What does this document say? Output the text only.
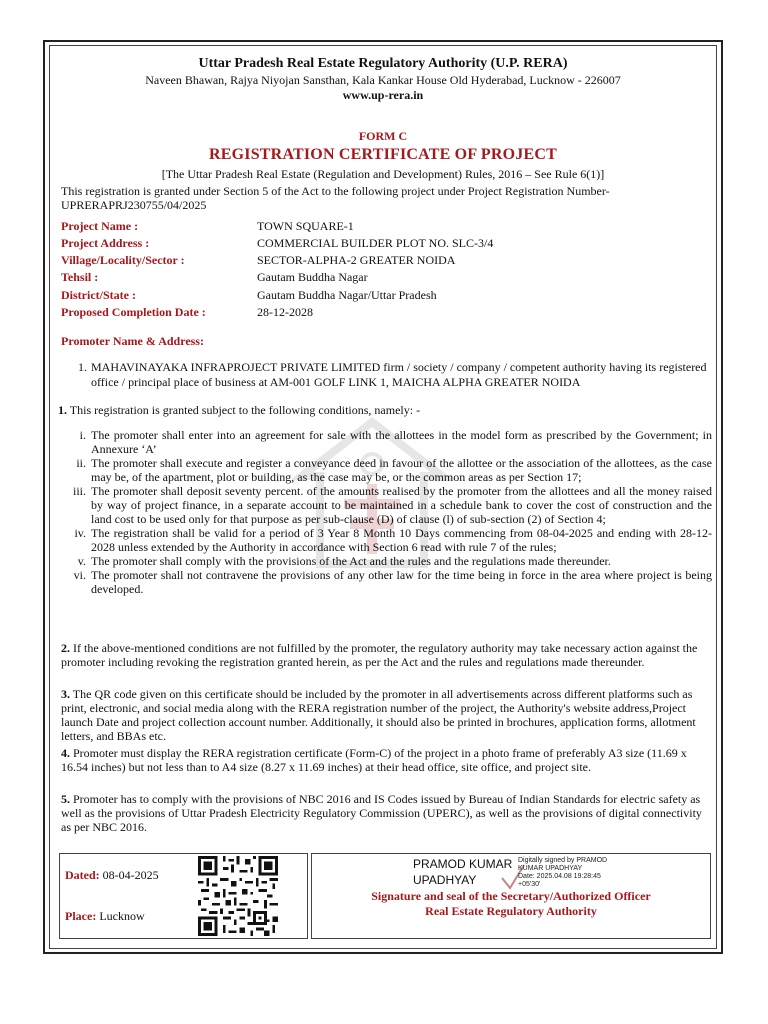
Uttar Pradesh Real Estate Regulatory Authority (U.P. RERA)
Naveen Bhawan, Rajya Niyojan Sansthan, Kala Kankar House Old Hyderabad, Lucknow - 226007
www.up-rera.in
FORM C
REGISTRATION CERTIFICATE OF PROJECT
[The Uttar Pradesh Real Estate (Regulation and Development) Rules, 2016 – See Rule 6(1)]
This registration is granted under Section 5 of the Act to the following project under Project Registration Number-UPRERAPRJ230755/04/2025
Project Name :	TOWN SQUARE-1
Project Address :	COMMERCIAL BUILDER PLOT NO. SLC-3/4
Village/Locality/Sector :	SECTOR-ALPHA-2 GREATER NOIDA
Tehsil :	Gautam Buddha Nagar
District/State :	Gautam Buddha Nagar/Uttar Pradesh
Proposed Completion Date :	28-12-2028
Promoter Name & Address:
1. MAHAVINAYAKA INFRAPROJECT PRIVATE LIMITED firm / society / company / competent authority having its registered office / principal place of business at AM-001 GOLF LINK 1, MAICHA ALPHA GREATER NOIDA
1. This registration is granted subject to the following conditions, namely: -
i. The promoter shall enter into an agreement for sale with the allottees in the model form as prescribed by the Government; in Annexure ‘A’
ii. The promoter shall execute and register a conveyance deed in favour of the allottee or the association of the allottees, as the case may be, of the apartment, plot or building, as the case may be, or the common areas as per Section 17;
iii. The promoter shall deposit seventy percent. of the amounts realised by the promoter from the allottees and all the money raised by way of project finance, in a separate account to be maintained in a schedule bank to cover the cost of construction and the land cost to be used only for that purpose as per sub-clause (D) of clause (l) of sub-section (2) of Section 4;
iv. The registration shall be valid for a period of 3 Year 8 Month 10 Days commencing from 08-04-2025 and ending with 28-12-2028 unless extended by the Authority in accordance with Section 6 read with rule 7 of the rules;
v. The promoter shall comply with the provisions of the Act and the rules and the regulations made thereunder.
vi. The promoter shall not contravene the provisions of any other law for the time being in force in the area where project is being developed.
2. If the above-mentioned conditions are not fulfilled by the promoter, the regulatory authority may take necessary action against the promoter including revoking the registration granted herein, as per the Act and the rules and regulations made thereunder.
3. The QR code given on this certificate should be included by the promoter in all advertisements across different platforms such as print, electronic, and social media along with the RERA registration number of the project, the Authority's website address,Project launch Date and project collection account number. Additionally, it should also be printed in brochures, application forms, allotment letters, and BBAs etc.
4. Promoter must display the RERA registration certificate (Form-C) of the project in a photo frame of preferably A3 size (11.69 x 16.54 inches) but not less than to A4 size (8.27 x 11.69 inches) at their head office, site office, and project site.
5. Promoter has to comply with the provisions of NBC 2016 and IS Codes issued by Bureau of Indian Standards for electric safety as well as the provisions of Uttar Pradesh Electricity Regulatory Commission (UPERC), as well as the provisions of digital connectivity as per NBC 2016.
Dated: 08-04-2025
Place: Lucknow
PRAMOD KUMAR
UPADHYAY
Digitally signed by PRAMOD
KUMAR UPADHYAY
Date: 2025.04.08 19:28:45
+05'30'
Signature and seal of the Secretary/Authorized Officer
Real Estate Regulatory Authority
